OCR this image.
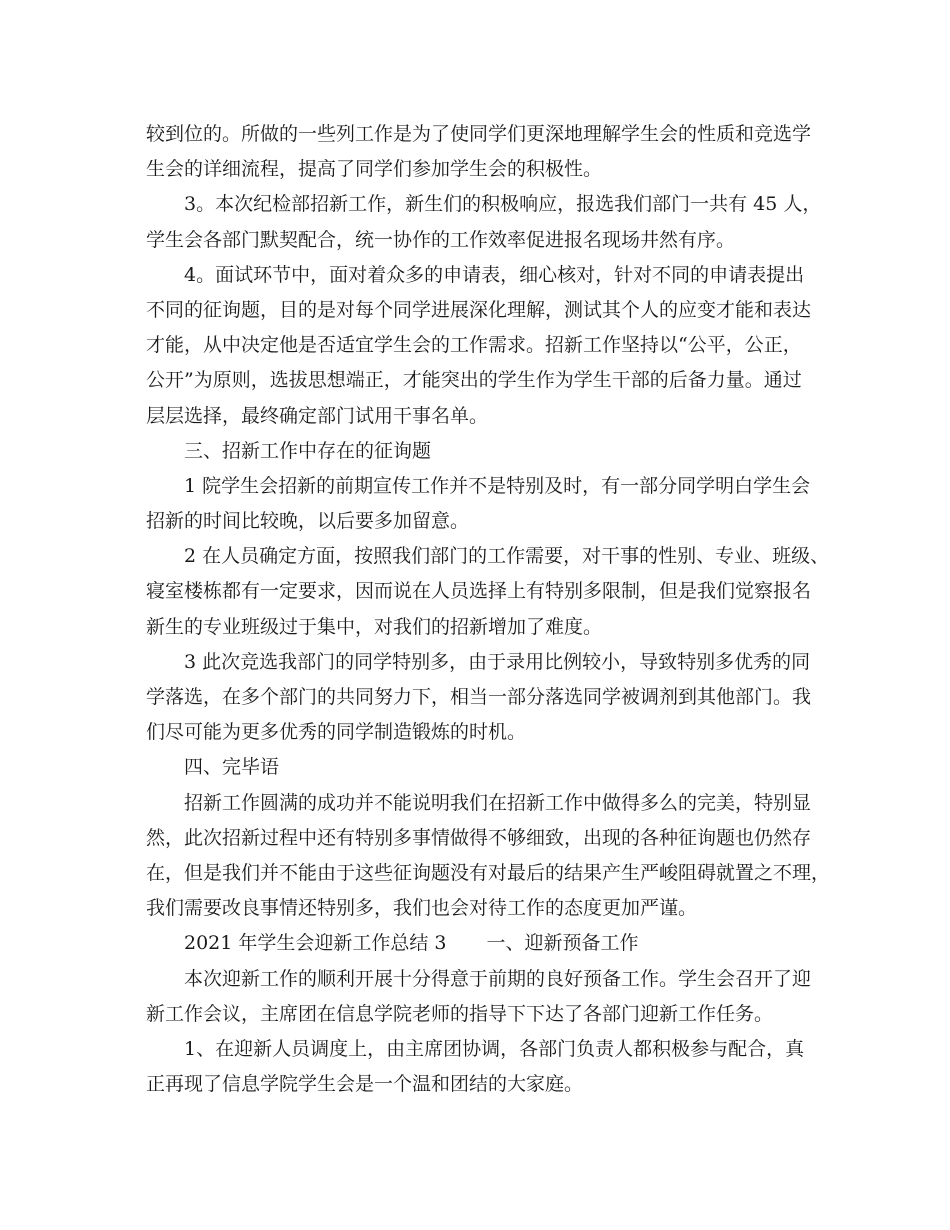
较到位的。所做的一些列工作是为了使同学们更深地理解学生会的性质和竞选学
生会的详细流程，提高了同学们参加学生会的积极性。
3。本次纪检部招新工作，新生们的积极响应，报选我们部门一共有 45 人，
学生会各部门默契配合，统一协作的工作效率促进报名现场井然有序。
4。面试环节中，面对着众多的申请表，细心核对，针对不同的申请表提出
不同的征询题，目的是对每个同学进展深化理解，测试其个人的应变才能和表达
才能，从中决定他是否适宜学生会的工作需求。招新工作坚持以“公平，公正，
公开”为原则，选拔思想端正，才能突出的学生作为学生干部的后备力量。通过
层层选择，最终确定部门试用干事名单。
三、招新工作中存在的征询题
1 院学生会招新的前期宣传工作并不是特别及时，有一部分同学明白学生会
招新的时间比较晚，以后要多加留意。
2 在人员确定方面，按照我们部门的工作需要，对干事的性别、专业、班级、
寝室楼栋都有一定要求，因而说在人员选择上有特别多限制，但是我们觉察报名
新生的专业班级过于集中，对我们的招新增加了难度。
3 此次竞选我部门的同学特别多，由于录用比例较小，导致特别多优秀的同
学落选，在多个部门的共同努力下，相当一部分落选同学被调剂到其他部门。我
们尽可能为更多优秀的同学制造锻炼的时机。
四、完毕语
招新工作圆满的成功并不能说明我们在招新工作中做得多么的完美，特别显
然，此次招新过程中还有特别多事情做得不够细致，出现的各种征询题也仍然存
在，但是我们并不能由于这些征询题没有对最后的结果产生严峻阻碍就置之不理，
我们需要改良事情还特别多，我们也会对待工作的态度更加严谨。
2021 年学生会迎新工作总结 3 一、迎新预备工作
本次迎新工作的顺利开展十分得意于前期的良好预备工作。学生会召开了迎
新工作会议，主席团在信息学院老师的指导下下达了各部门迎新工作任务。
1、在迎新人员调度上，由主席团协调，各部门负责人都积极参与配合，真
正再现了信息学院学生会是一个温和团结的大家庭。
